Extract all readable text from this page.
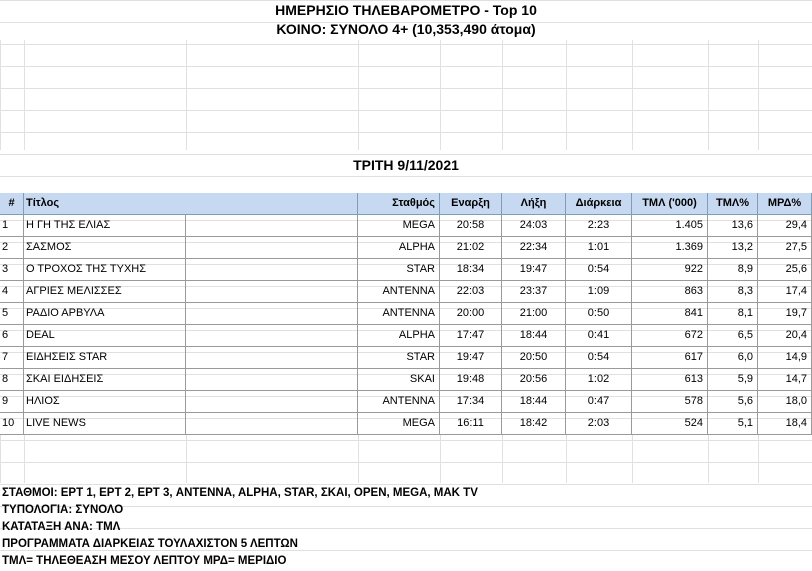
ΗΜΕΡΗΣΙΟ ΤΗΛΕΒΑΡΟΜΕΤΡΟ - Top 10
ΚΟΙΝΟ: ΣΥΝΟΛΟ 4+ (10,353,490 άτομα)
ΤΡΙΤΗ 9/11/2021
#	Τίτλος	Σταθμός	Εναρξη	Λήξη	Διάρκεια	ΤΜΛ ('000)	ΤΜΛ%	ΜΡΔ%
1	Η ΓΗ ΤΗΣ ΕΛΙΑΣ	MEGA	20:58	24:03	2:23	1.405	13,6	29,4
2	ΣΑΣΜΟΣ	ALPHA	21:02	22:34	1:01	1.369	13,2	27,5
3	Ο ΤΡΟΧΟΣ ΤΗΣ ΤΥΧΗΣ	STAR	18:34	19:47	0:54	922	8,9	25,6
4	ΑΓΡΙΕΣ ΜΕΛΙΣΣΕΣ	ANTENNA	22:03	23:37	1:09	863	8,3	17,4
5	ΡΑΔΙΟ ΑΡΒΥΛΑ	ANTENNA	20:00	21:00	0:50	841	8,1	19,7
6	DEAL	ALPHA	17:47	18:44	0:41	672	6,5	20,4
7	ΕΙΔΗΣΕΙΣ STAR	STAR	19:47	20:50	0:54	617	6,0	14,9
8	ΣΚΑΙ ΕΙΔΗΣΕΙΣ	SKAI	19:48	20:56	1:02	613	5,9	14,7
9	ΗΛΙΟΣ	ANTENNA	17:34	18:44	0:47	578	5,6	18,0
10	LIVE NEWS	MEGA	16:11	18:42	2:03	524	5,1	18,4
ΣΤΑΘΜΟΙ: ΕΡΤ 1, ΕΡΤ 2, ΕΡΤ 3, ANTENNA, ALPHA, STAR, ΣΚΑΙ, OPEN, MEGA, MAK TV
ΤΥΠΟΛΟΓΙΑ: ΣΥΝΟΛΟ
ΚΑΤΑΤΑΞΗ ΑΝΑ: ΤΜΛ
ΠΡΟΓΡΑΜΜΑΤΑ ΔΙΑΡΚΕΙΑΣ ΤΟΥΛΑΧΙΣΤΟΝ 5 ΛΕΠΤΩΝ
ΤΜΛ= ΤΗΛΕΘΕΑΣΗ ΜΕΣΟΥ ΛΕΠΤΟΥ ΜΡΔ= ΜΕΡΙΔΙΟ
